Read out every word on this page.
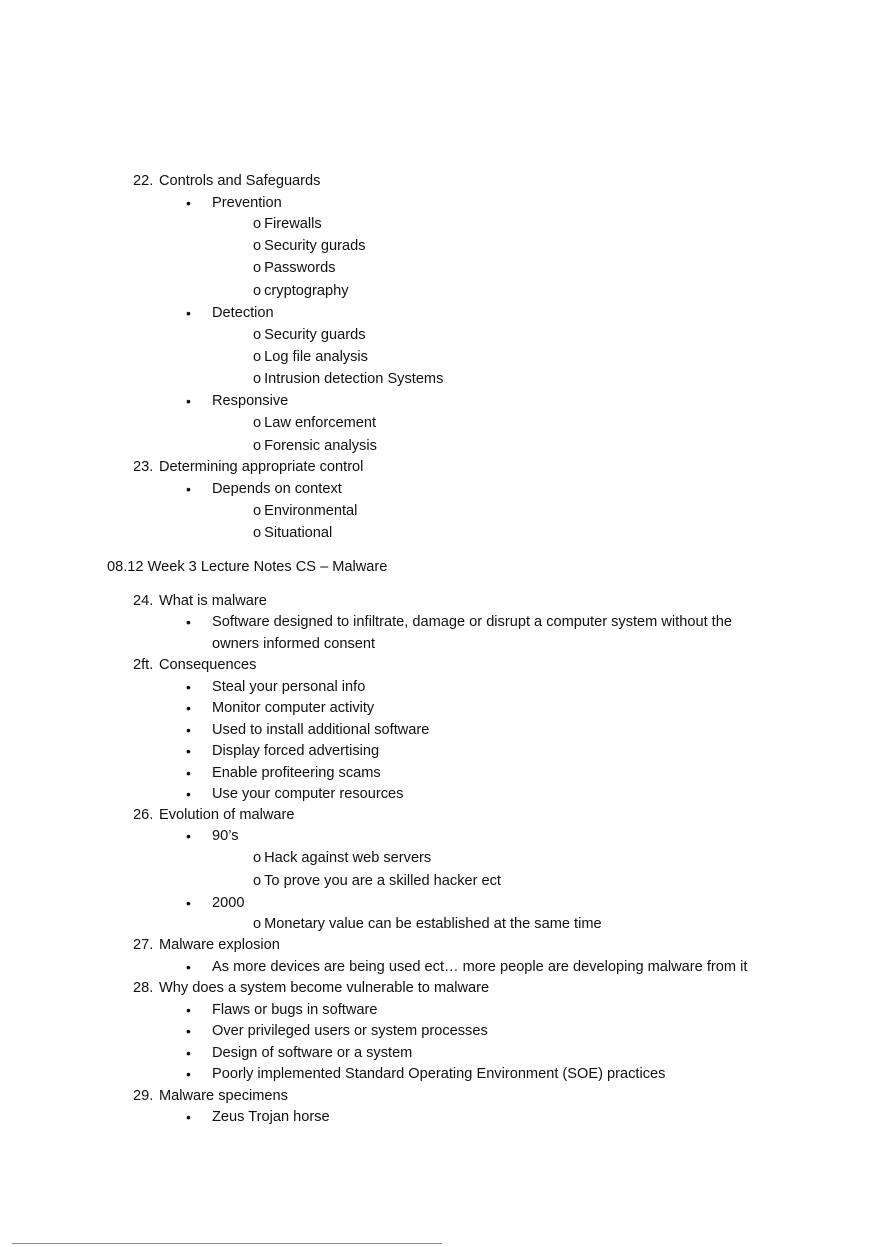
22. Controls and Safeguards
• Prevention
o Firewalls
o Security gurads
o Passwords
o cryptography
• Detection
o Security guards
o Log file analysis
o Intrusion detection Systems
• Responsive
o Law enforcement
o Forensic analysis
23. Determining appropriate control
• Depends on context
o Environmental
o Situational
08.12 Week 3 Lecture Notes CS – Malware
24. What is malware
• Software designed to infiltrate, damage or disrupt a computer system without the
owners informed consent
2ft. Consequences
• Steal your personal info
• Monitor computer activity
• Used to install additional software
• Display forced advertising
• Enable profiteering scams
• Use your computer resources
26. Evolution of malware
• 90’s
o Hack against web servers
o To prove you are a skilled hacker ect
• 2000
o Monetary value can be established at the same time
27. Malware explosion
• As more devices are being used ect… more people are developing malware from it
28. Why does a system become vulnerable to malware
• Flaws or bugs in software
• Over privileged users or system processes
• Design of software or a system
• Poorly implemented Standard Operating Environment (SOE) practices
29. Malware specimens
• Zeus Trojan horse
